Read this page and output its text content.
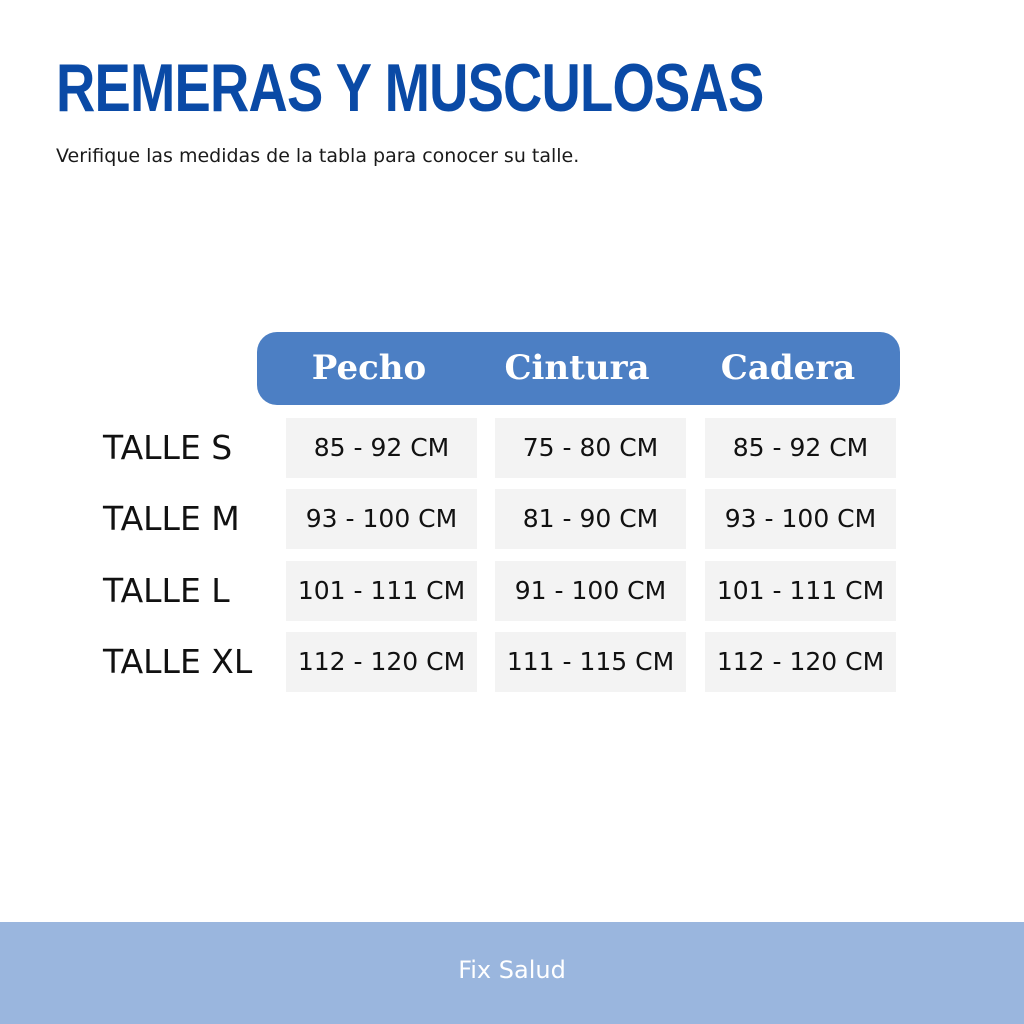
REMERAS Y MUSCULOSAS

Verifique las medidas de la tabla para conocer su talle.

Pecho	Cintura	Cadera
TALLE S	85 - 92 CM	75 - 80 CM	85 - 92 CM
TALLE M	93 - 100 CM	81 - 90 CM	93 - 100 CM
TALLE L	101 - 111 CM	91 - 100 CM	101 - 111 CM
TALLE XL	112 - 120 CM	111 - 115 CM	112 - 120 CM
Fix Salud
